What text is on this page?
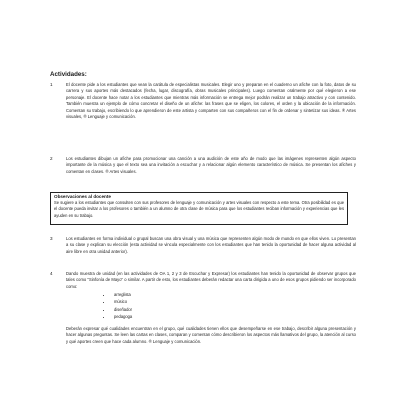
Actividades:
1	El docente pide a los estudiantes que vean la carátula de especialistas musicales. Elegir uno y preparan en el cuaderno un afiche con la foto, datos de su carrera y sus aportes más destacados (fecha, lugar, discografía, obras musicales principales). Luego comentan oralmente por qué elegieron a ese personaje. El docente hace notar a los estudiantes que mientras más información se entrega mejor podrán realizar un trabajo atractivo y con contenido. También muestra un ejemplo de cómo concretar el diseño de un afiche: las frases que se eligen, los colores, el orden y la ubicación de la información. Comentan su trabajo, escribiendo lo que aprendieron de este artista y comparten con sus compañeros con el fin de ordenar y sintetizar sus ideas. ® Artes visuales, ® Lenguaje y comunicación.

2	Los estudiantes dibujan un afiche para promocionar una canción a una audición de este año de modo que las imágenes representen algún aspecto importante de la música y que el texto sea una invitación a escuchar y a relacionar algún elemento característico de música. Se presentan los afiches y comentan en clases. ® Artes visuales.

Observaciones al docente

Se sugiere a los estudiantes que consulten con sus profesores de lenguaje y comunicación y artes visuales con respecto a este tema. Otra posibilidad es que el docente pueda invitar a los profesores o también a un alumno de otra clase de música para que los estudiantes reciban información y experiencias que les ayuden en su trabajo.

3	Los estudiantes en forma individual o grupal buscan una obra visual y una música que representen algún modo de mundo en que ellos viven. Lo presentan a su clase y explican su elección (esta actividad se vincula especialmente con los estudiantes que han tenido la oportunidad de hacer alguna actividad al aire libre en otra unidad anterior).

4	Dando muestra de unidad (en las actividades de OA 1, 2 y 3 de Escuchar y Expresar) los estudiantes han tenido la oportunidad de observar grupos que tales como "Sinfonía de Mayo" o similar. A partir de esto, los estudiantes deberán redactar una carta dirigida a uno de esos grupos pidiendo ser incorporado como:

• arreglista
• músico
• diseñador
• pedagoga

Deberán expresar qué cualidades encuentran en el grupo, qué cualidades tienen ellos que desempeñarse en ese trabajo, describir alguna presentación y hacer algunas preguntas. Se leen las cartas en clases, comparan y comentan cómo describieron los aspectos más llamativos del grupo, la atención al curso y qué aportes creen que hace cada alumno. ® Lenguaje y comunicación.
